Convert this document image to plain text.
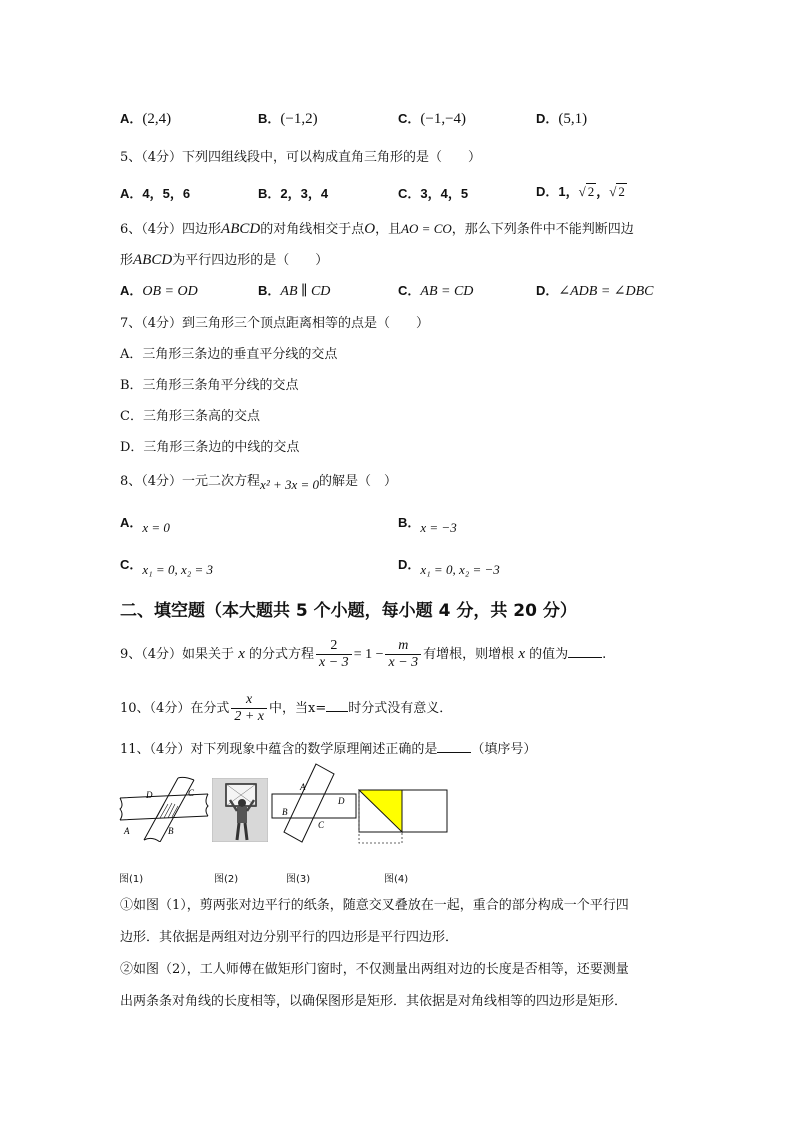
A．(2,4)	B．(−1,2)	C．(−1,−4)	D．(5,1)
5、（4分）下列四组线段中，可以构成直角三角形的是（　　）
A．4，5，6	B．2，3，4	C．3，4，5	D．1，√ 2 ，√ 2
6、（4分）四边形ABCD的对角线相交于点O，且AO = CO，那么下列条件中不能判断四边
形ABCD为平行四边形的是（　　）
A．OB = OD	B．AB ∥ CD	C．AB = CD	D．∠ADB = ∠DBC
7、（4分）到三角形三个顶点距离相等的点是（　　）
A．三角形三条边的垂直平分线的交点
B．三角形三条角平分线的交点
C．三角形三条高的交点
D．三角形三条边的中线的交点
8、（4分）一元二次方程x² + 3x = 0的解是（　）
A．x = 0	B．x = −3
C．x₁ = 0, x₂ = 3	D．x₁ = 0, x₂ = −3
二、填空题（本大题共 5 个小题，每小题 4 分，共 20 分）
9、（4分）如果关于 x 的分式方程 $\frac{2}{x - 3} = 1 - \frac{m}{x - 3}$ 有增根，则增根 x 的值为	.
10、（4分）在分式 $\frac{x}{2 + x}$ 中，当x= 时分式没有意义．
11、（4分）对下列现象中蕴含的数学原理阐述正确的是	（填序号）
D	C
A	B
A
D
B
C
图(1)	图(2)	图(3)	图(4)
①如图（1），剪两张对边平行的纸条，随意交叉叠放在一起，重合的部分构成一个平行四
边形．其依据是两组对边分别平行的四边形是平行四边形．
②如图（2），工人师傅在做矩形门窗时，不仅测量出两组对边的长度是否相等，还要测量
出两条条对角线的长度相等，以确保图形是矩形．其依据是对角线相等的四边形是矩形．
